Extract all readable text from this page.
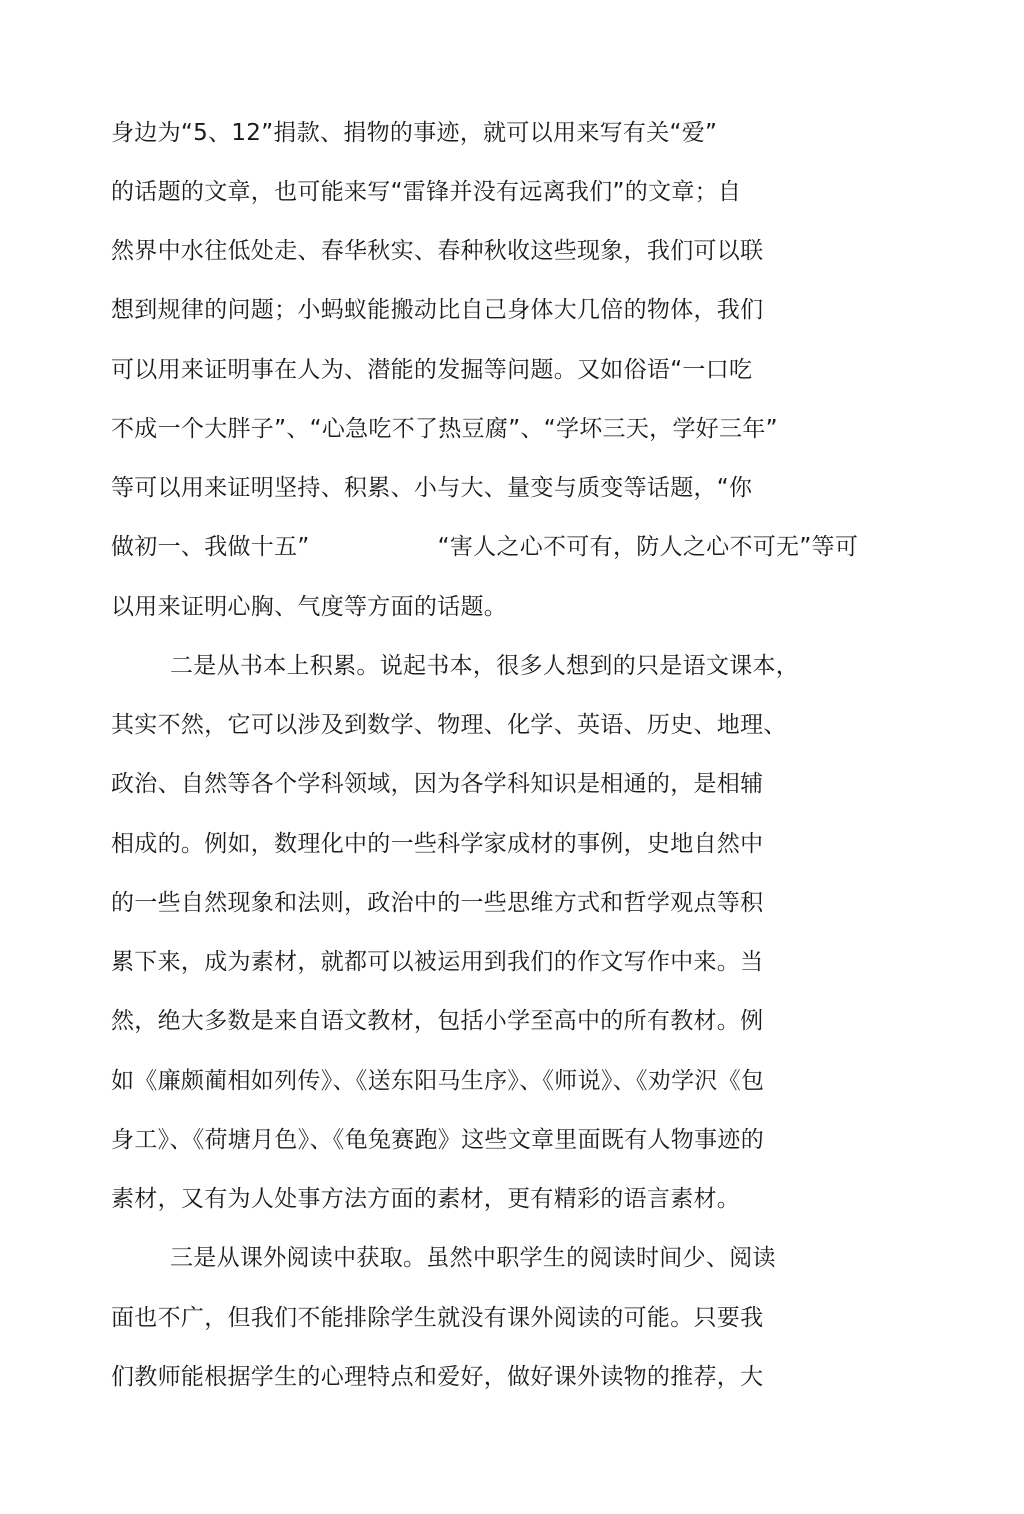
身边为“5、12”捐款、捐物的事迹，就可以用来写有关“爱”
的话题的文章，也可能来写“雷锋并没有远离我们”的文章；自
然界中水往低处走、春华秋实、春种秋收这些现象，我们可以联
想到规律的问题；小蚂蚁能搬动比自己身体大几倍的物体，我们
可以用来证明事在人为、潜能的发掘等问题。又如俗语“一口吃
不成一个大胖子”、“心急吃不了热豆腐”、“学坏三天，学好三年”
等可以用来证明坚持、积累、小与大、量变与质变等话题，“你
做初一、我做十五”	“害人之心不可有，防人之心不可无”等可
以用来证明心胸、气度等方面的话题。
二是从书本上积累。说起书本，很多人想到的只是语文课本，
其实不然，它可以涉及到数学、物理、化学、英语、历史、地理、
政治、自然等各个学科领域，因为各学科知识是相通的，是相辅
相成的。例如，数理化中的一些科学家成材的事例，史地自然中
的一些自然现象和法则，政治中的一些思维方式和哲学观点等积
累下来，成为素材，就都可以被运用到我们的作文写作中来。当
然，绝大多数是来自语文教材，包括小学至高中的所有教材。例
如《廉颇蔺相如列传》、《送东阳马生序》、《师说》、《劝学沢《包
身工》、《荷塘月色》、《龟兔赛跑》这些文章里面既有人物事迹的
素材，又有为人处事方法方面的素材，更有精彩的语言素材。
三是从课外阅读中获取。虽然中职学生的阅读时间少、阅读
面也不广，但我们不能排除学生就没有课外阅读的可能。只要我
们教师能根据学生的心理特点和爱好，做好课外读物的推荐，大
